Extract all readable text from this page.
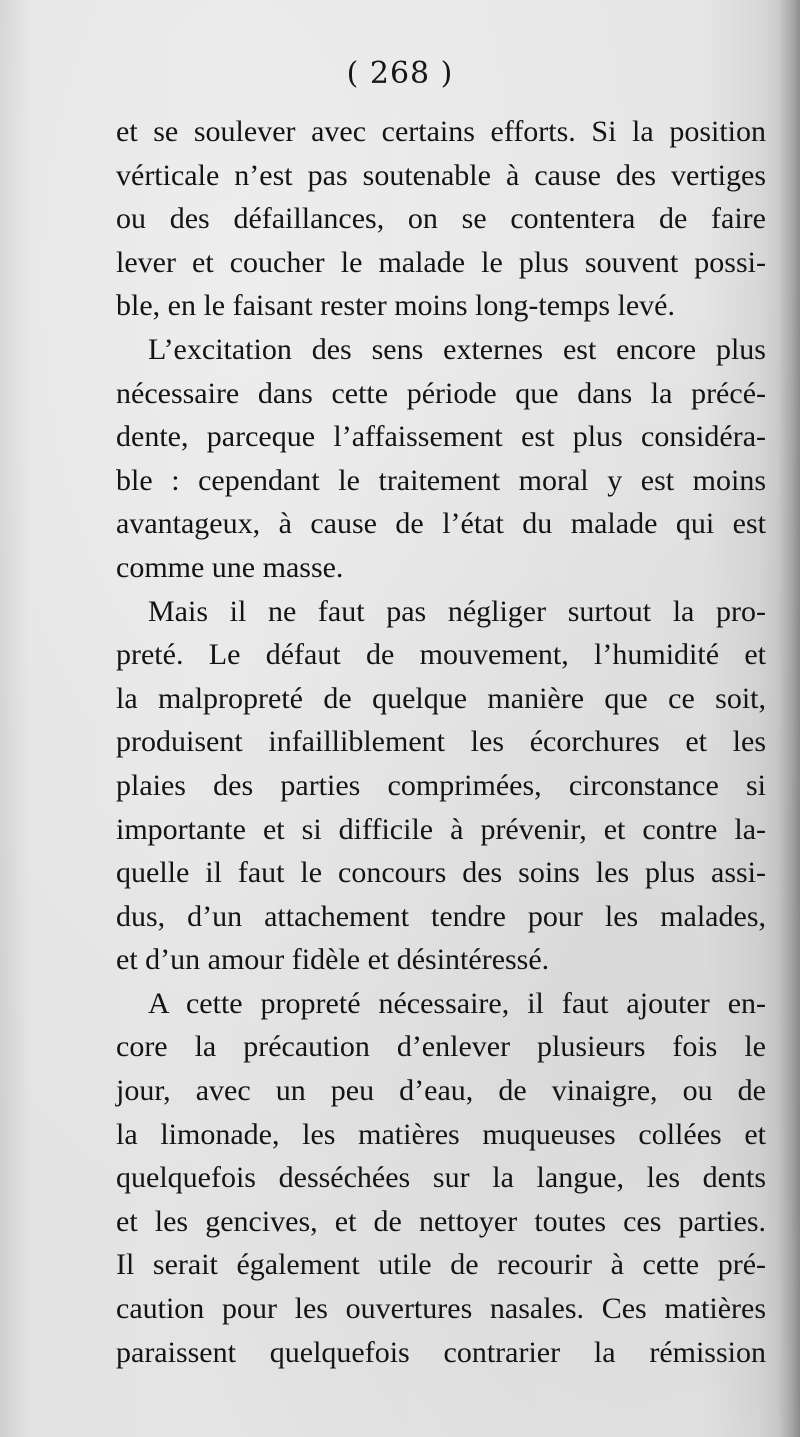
( 268 )
et se soulever avec certains efforts. Si la position
vérticale n’est pas soutenable à cause des vertiges
ou des défaillances, on se contentera de faire
lever et coucher le malade le plus souvent possi-
ble, en le faisant rester moins long-temps levé.
L’excitation des sens externes est encore plus
nécessaire dans cette période que dans la précé-
dente, parceque l’affaissement est plus considéra-
ble : cependant le traitement moral y est moins
avantageux, à cause de l’état du malade qui est
comme une masse.
Mais il ne faut pas négliger surtout la pro-
preté. Le défaut de mouvement, l’humidité et
la malpropreté de quelque manière que ce soit,
produisent infailliblement les écorchures et les
plaies des parties comprimées, circonstance si
importante et si difficile à prévenir, et contre la-
quelle il faut le concours des soins les plus assi-
dus, d’un attachement tendre pour les malades,
et d’un amour fidèle et désintéressé.
A cette propreté nécessaire, il faut ajouter en-
core la précaution d’enlever plusieurs fois le
jour, avec un peu d’eau, de vinaigre, ou de
la limonade, les matières muqueuses collées et
quelquefois desséchées sur la langue, les dents
et les gencives, et de nettoyer toutes ces parties.
Il serait également utile de recourir à cette pré-
caution pour les ouvertures nasales. Ces matières
paraissent quelquefois contrarier la rémission
